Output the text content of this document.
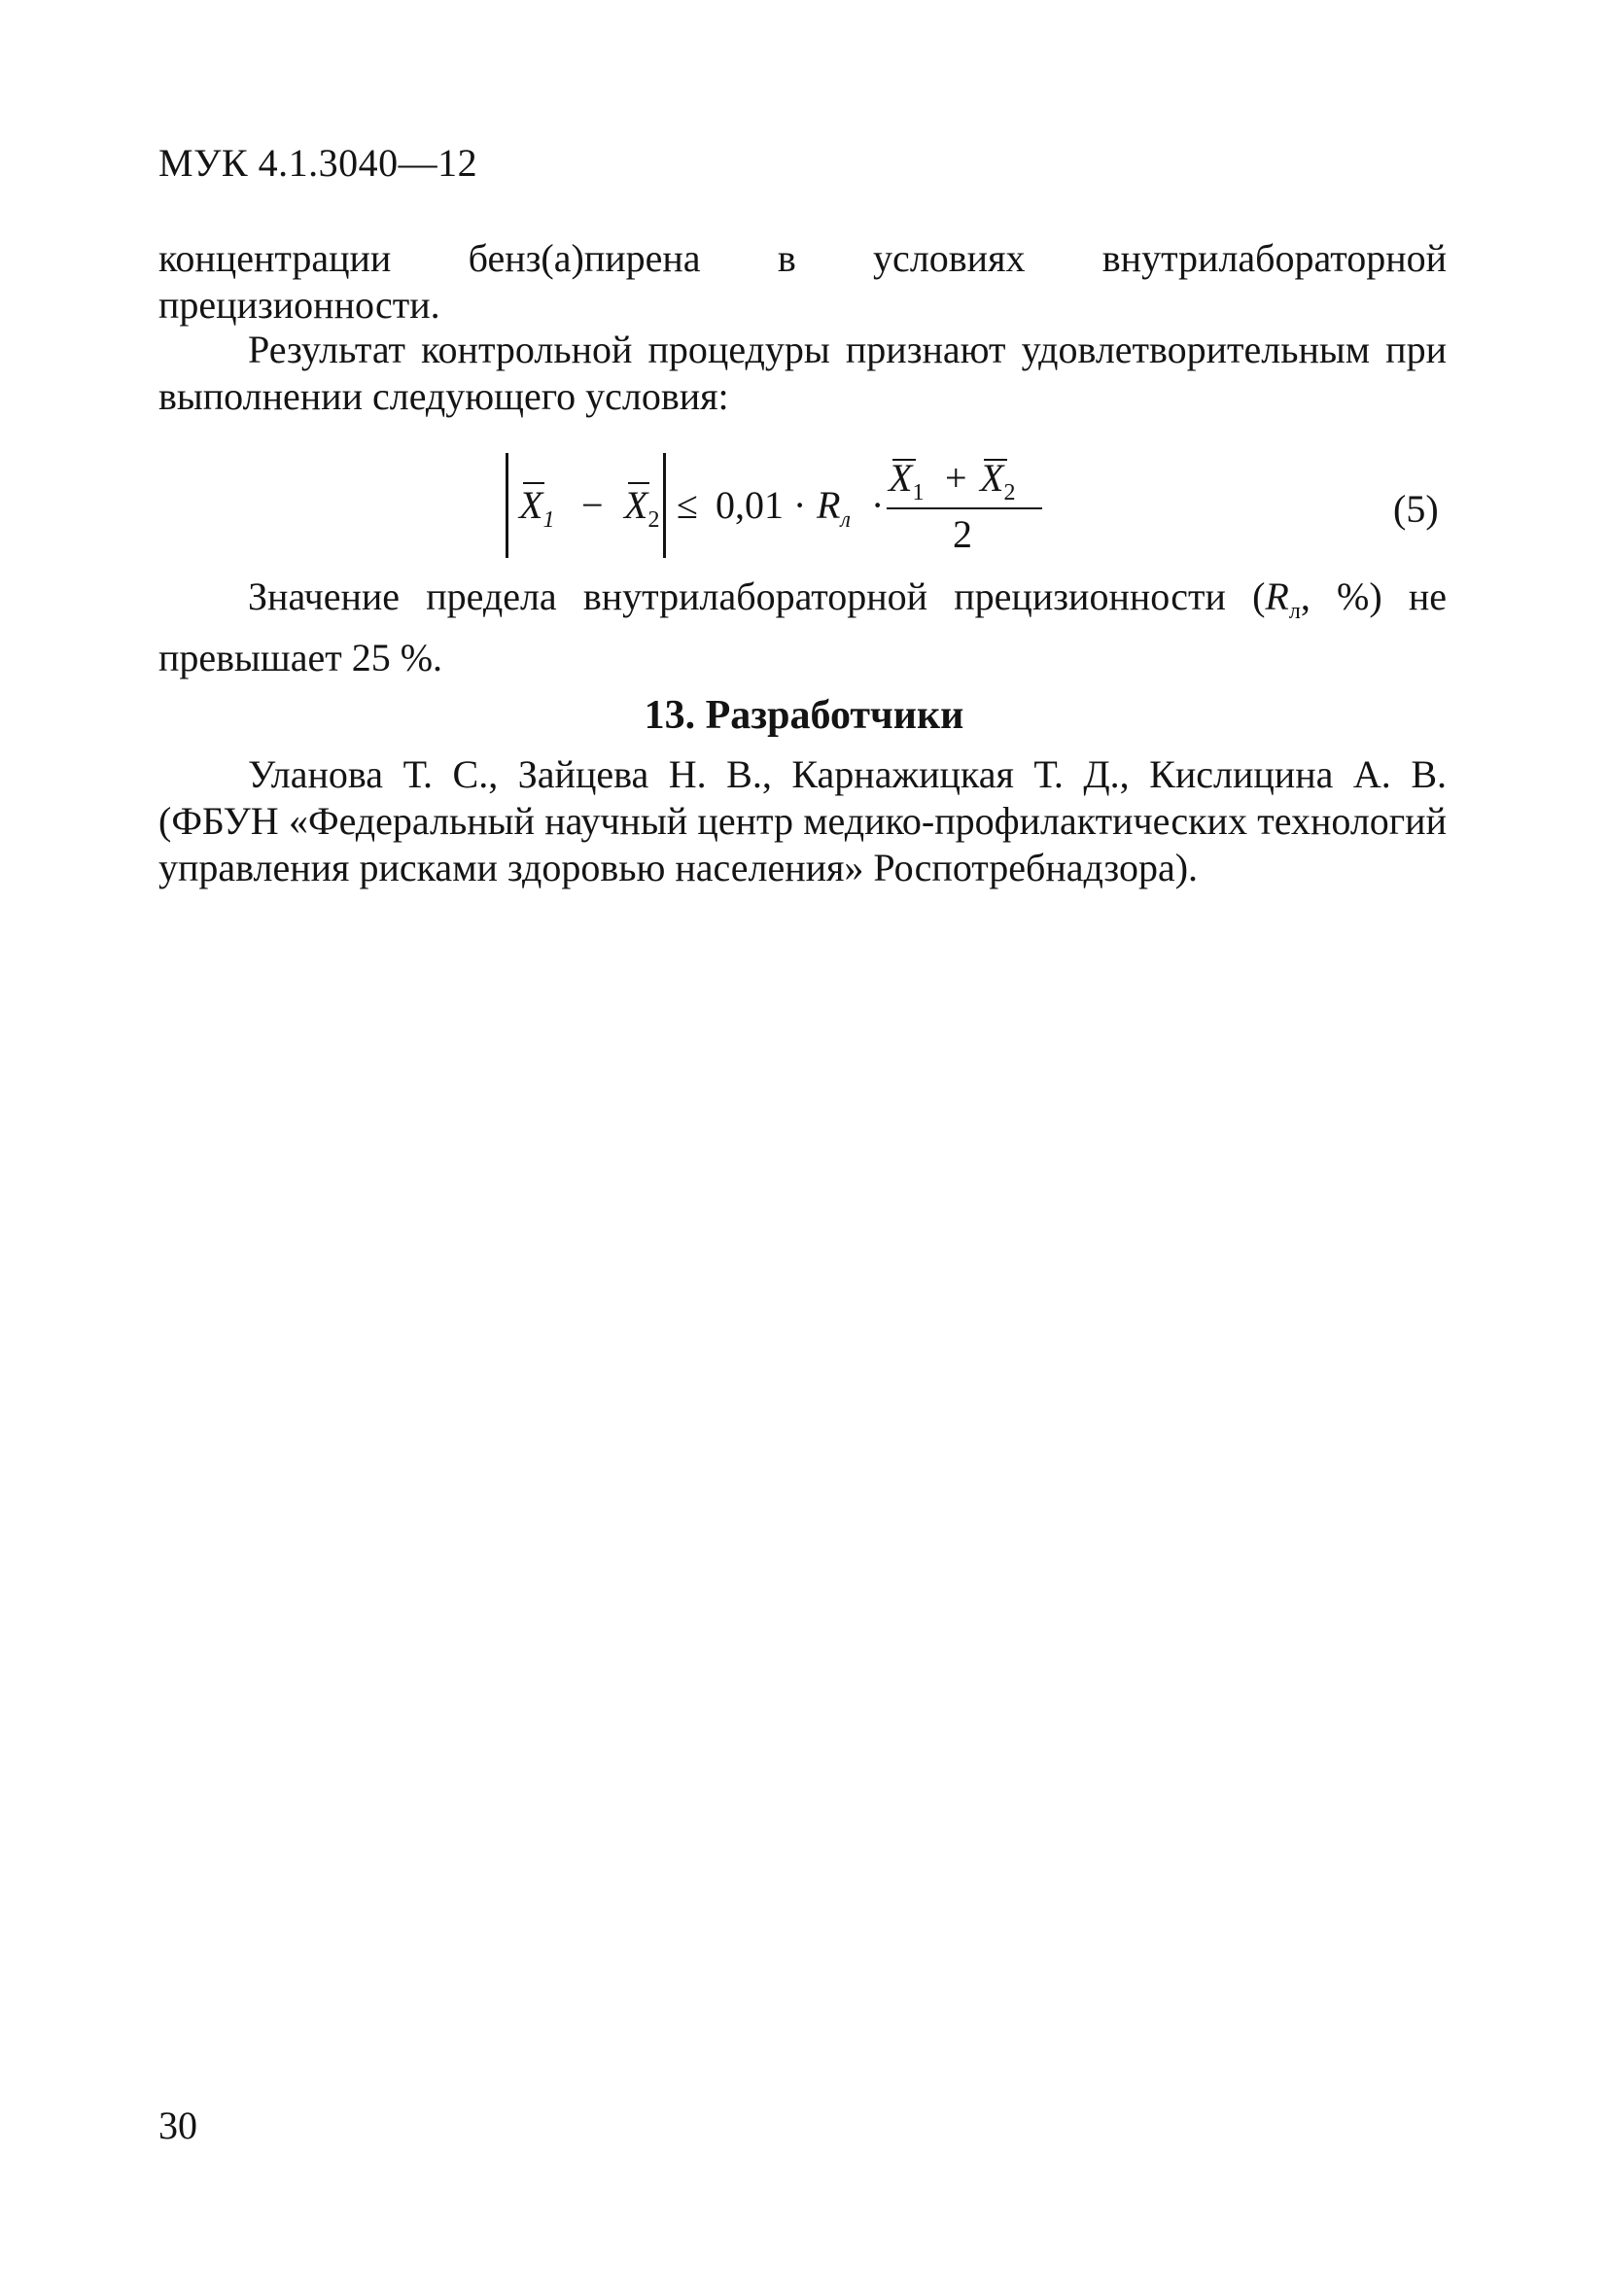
МУК 4.1.3040—12
концентрации бенз(а)пирена в условиях внутрилабораторной прецизионности.
Результат контрольной процедуры признают удовлетворительным при выполнении следующего условия:
$X_1 - X_2 \le 0,01 \cdot R_л$ ·
$X_1 + X_2$
2
(5)
Значение предела внутрилабораторной прецизионности ($R_л$, %) не превышает 25 %.
13. Разработчики
Уланова Т. С., Зайцева Н. В., Карнажицкая Т. Д., Кислицина А. В. (ФБУН «Федеральный научный центр медико-профилактических технологий управления рисками здоровью населения» Роспотребнадзора).
30
